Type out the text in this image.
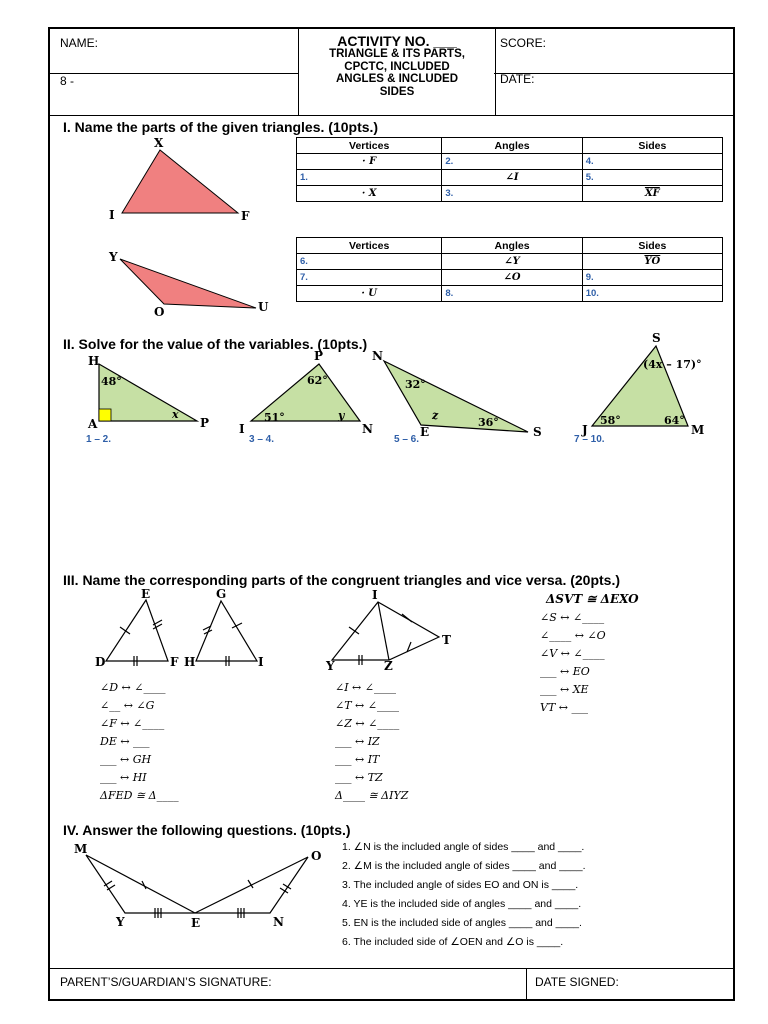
NAME:
8 -
ACTIVITY NO. ___
TRIANGLE & ITS PARTS,
CPCTC, INCLUDED
ANGLES & INCLUDED
SIDES
SCORE:
DATE:
PARENT’S/GUARDIAN’S SIGNATURE:	DATE SIGNED:
I. Name the parts of the given triangles. (10pts.)
X
I	F
Y
O	U
Vertices	Angles	Sides
· F	2.	4.
1.	∠I	5.
· X	3.	$\overline{XF}$
Vertices	Angles	Sides
6.	∠Y	$\overline{YO}$
7.	∠O	9.
· U	8.	10.
II. Solve for the value of the variables. (10pts.)
H
A	P
48°
x
1 – 2.
P
I	N
62°
51°	y
3 – 4.
N
E	S
32°
z
36°
5 – 6.
S
J	M
(4x – 17)°
58°	64°
7 – 10.
III. Name the corresponding parts of the congruent triangles and vice versa. (20pts.)
E	G
D	F H	I
I
T
Y	Z
∠D ↔ ∠____
∠__ ↔ ∠G
∠F ↔ ∠____
DE ↔ ___
___ ↔ GH
___ ↔ HI
ΔFED ≅ Δ____
∠I ↔ ∠____
∠T ↔ ∠____
∠Z ↔ ∠____
___ ↔ IZ
___ ↔ IT
___ ↔ TZ
Δ____ ≅ ΔIYZ
ΔSVT ≅ ΔEXO
∠S ↔ ∠____
∠____ ↔ ∠O
∠V ↔ ∠____
___ ↔ EO
___ ↔ XE
VT ↔ ___
IV. Answer the following questions. (10pts.)
M	O
Y	E	N
1. ∠N is the included angle of sides ____ and ____.
2. ∠M is the included angle of sides ____ and ____.
3. The included angle of sides EO and ON is ____.
4. YE is the included side of angles ____ and ____.
5. EN is the included side of angles ____ and ____.
6. The included side of ∠OEN and ∠O is ____.
